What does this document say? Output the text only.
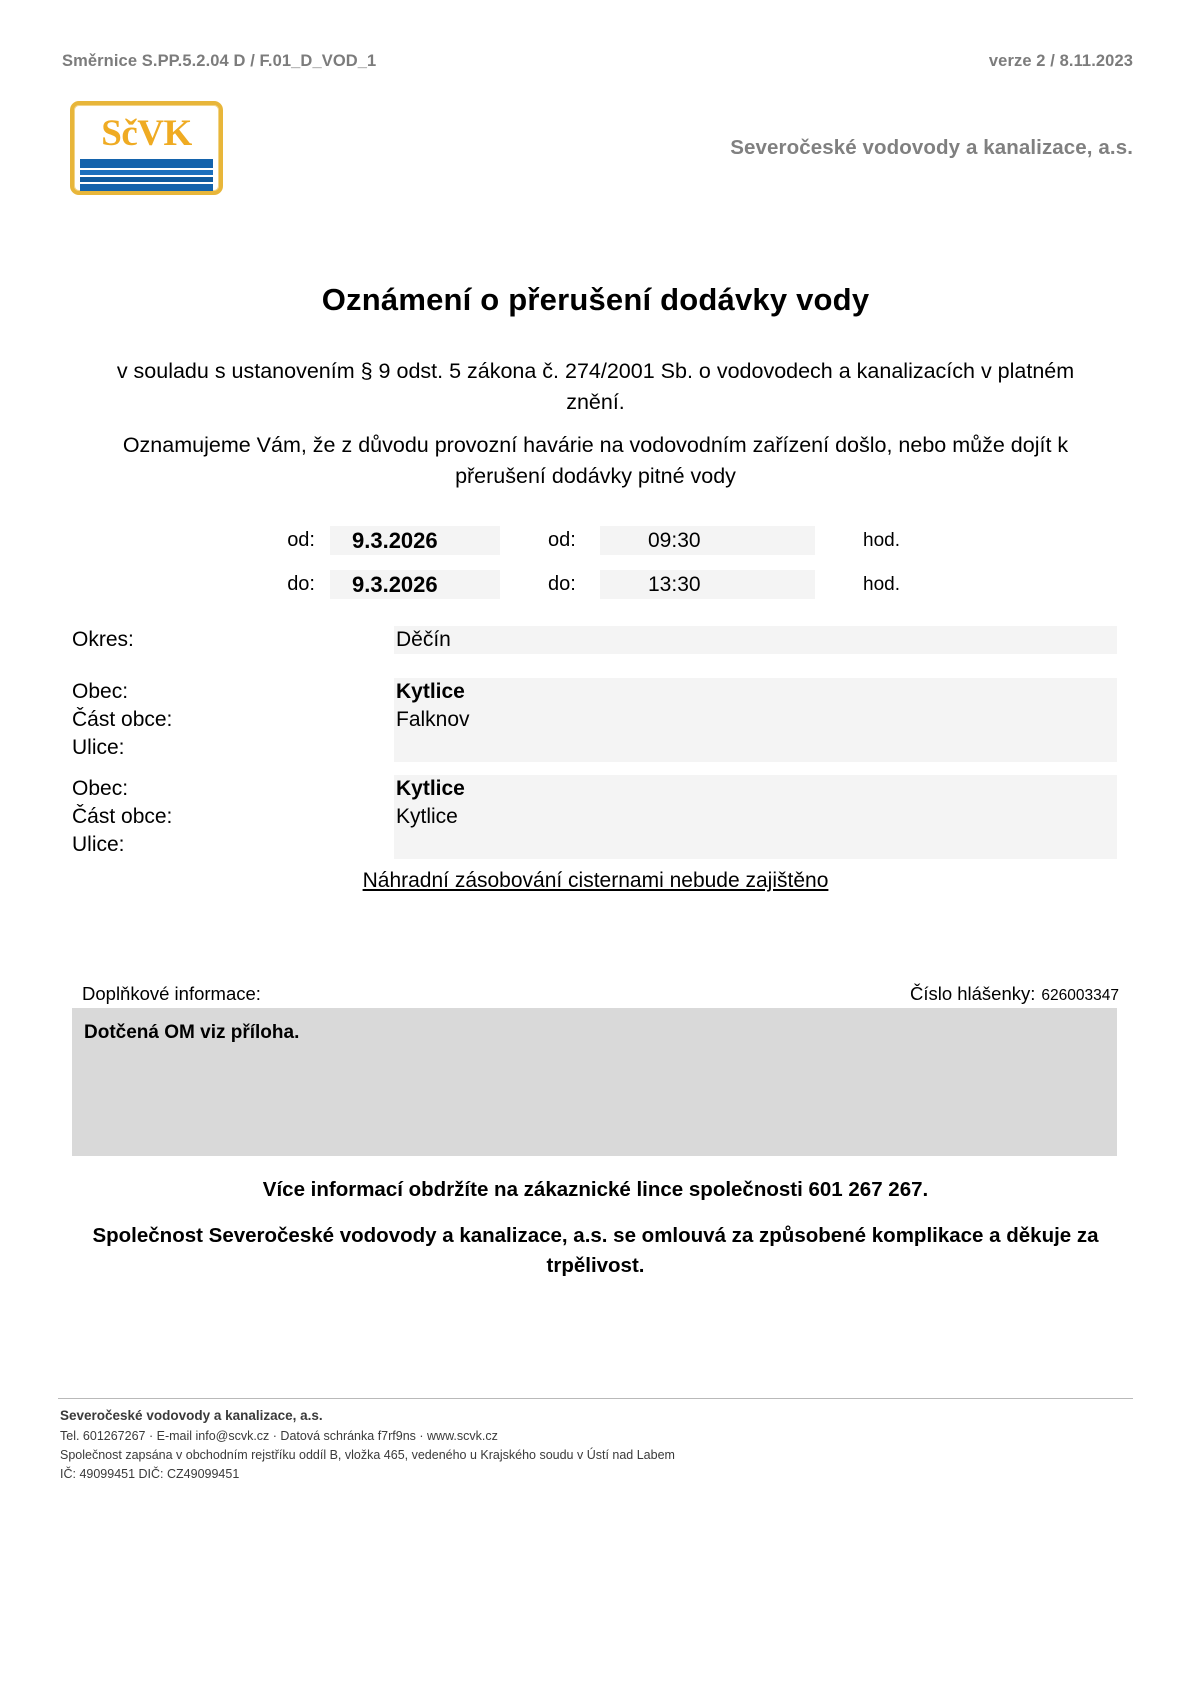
Směrnice S.PP.5.2.04 D / F.01_D_VOD_1	verze 2 / 8.11.2023
SčVK	Severočeské vodovody a kanalizace, a.s.
Oznámení o přerušení dodávky vody
v souladu s ustanovením § 9 odst. 5 zákona č. 274/2001 Sb. o vodovodech a kanalizacích v platném znění.
Oznamujeme Vám, že z důvodu provozní havárie na vodovodním zařízení došlo, nebo může dojít k přerušení dodávky pitné vody
od:	9.3.2026	od:	09:30	hod.
do:	9.3.2026	do:	13:30	hod.
Okres:	Děčín
Obec:	Kytlice
Část obce:	Falknov
Ulice:
Obec:	Kytlice
Část obce:	Kytlice
Ulice:
Náhradní zásobování cisternami nebude zajištěno
Doplňkové informace:	Číslo hlášenky: 626003347
Dotčená OM viz příloha.
Více informací obdržíte na zákaznické lince společnosti 601 267 267.
Společnost Severočeské vodovody a kanalizace, a.s. se omlouvá za způsobené komplikace a děkuje za trpělivost.
Severočeské vodovody a kanalizace, a.s.
Tel. 601267267 · E-mail info@scvk.cz · Datová schránka f7rf9ns · www.scvk.cz
Společnost zapsána v obchodním rejstříku oddíl B, vložka 465, vedeného u Krajského soudu v Ústí nad Labem
IČ: 49099451 DIČ: CZ49099451
